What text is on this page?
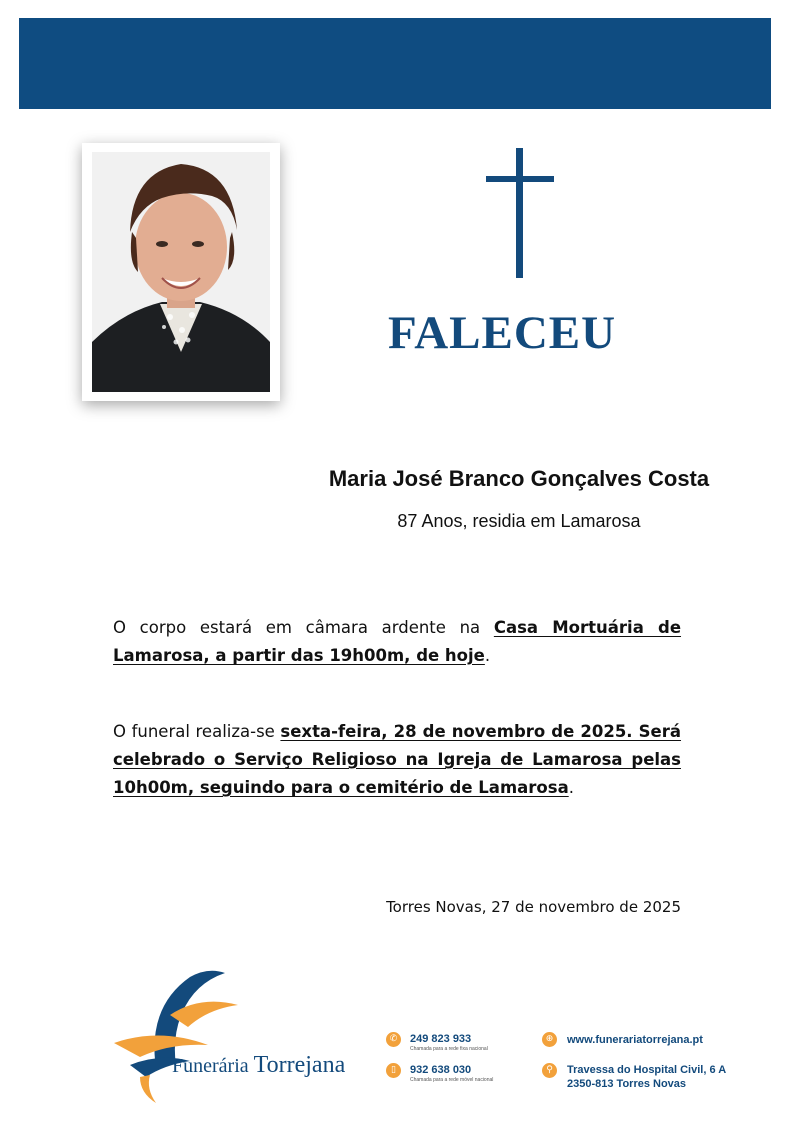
FALECEU
Maria José Branco Gonçalves Costa
87 Anos, residia em Lamarosa
O corpo estará em câmara ardente na Casa Mortuária de Lamarosa, a partir das 19h00m, de hoje.
O funeral realiza-se sexta-feira, 28 de novembro de 2025. Será celebrado o Serviço Religioso na Igreja de Lamarosa pelas 10h00m, seguindo para o cemitério de Lamarosa.
Torres Novas, 27 de novembro de 2025
Funerária Torrejana
✆	249 823 933
Chamada para a rede fixa nacional
▯	932 638 030
Chamada para a rede móvel nacional
⊕	www.funerariatorrejana.pt
⚲	Travessa do Hospital Civil, 6 A
2350-813 Torres Novas
